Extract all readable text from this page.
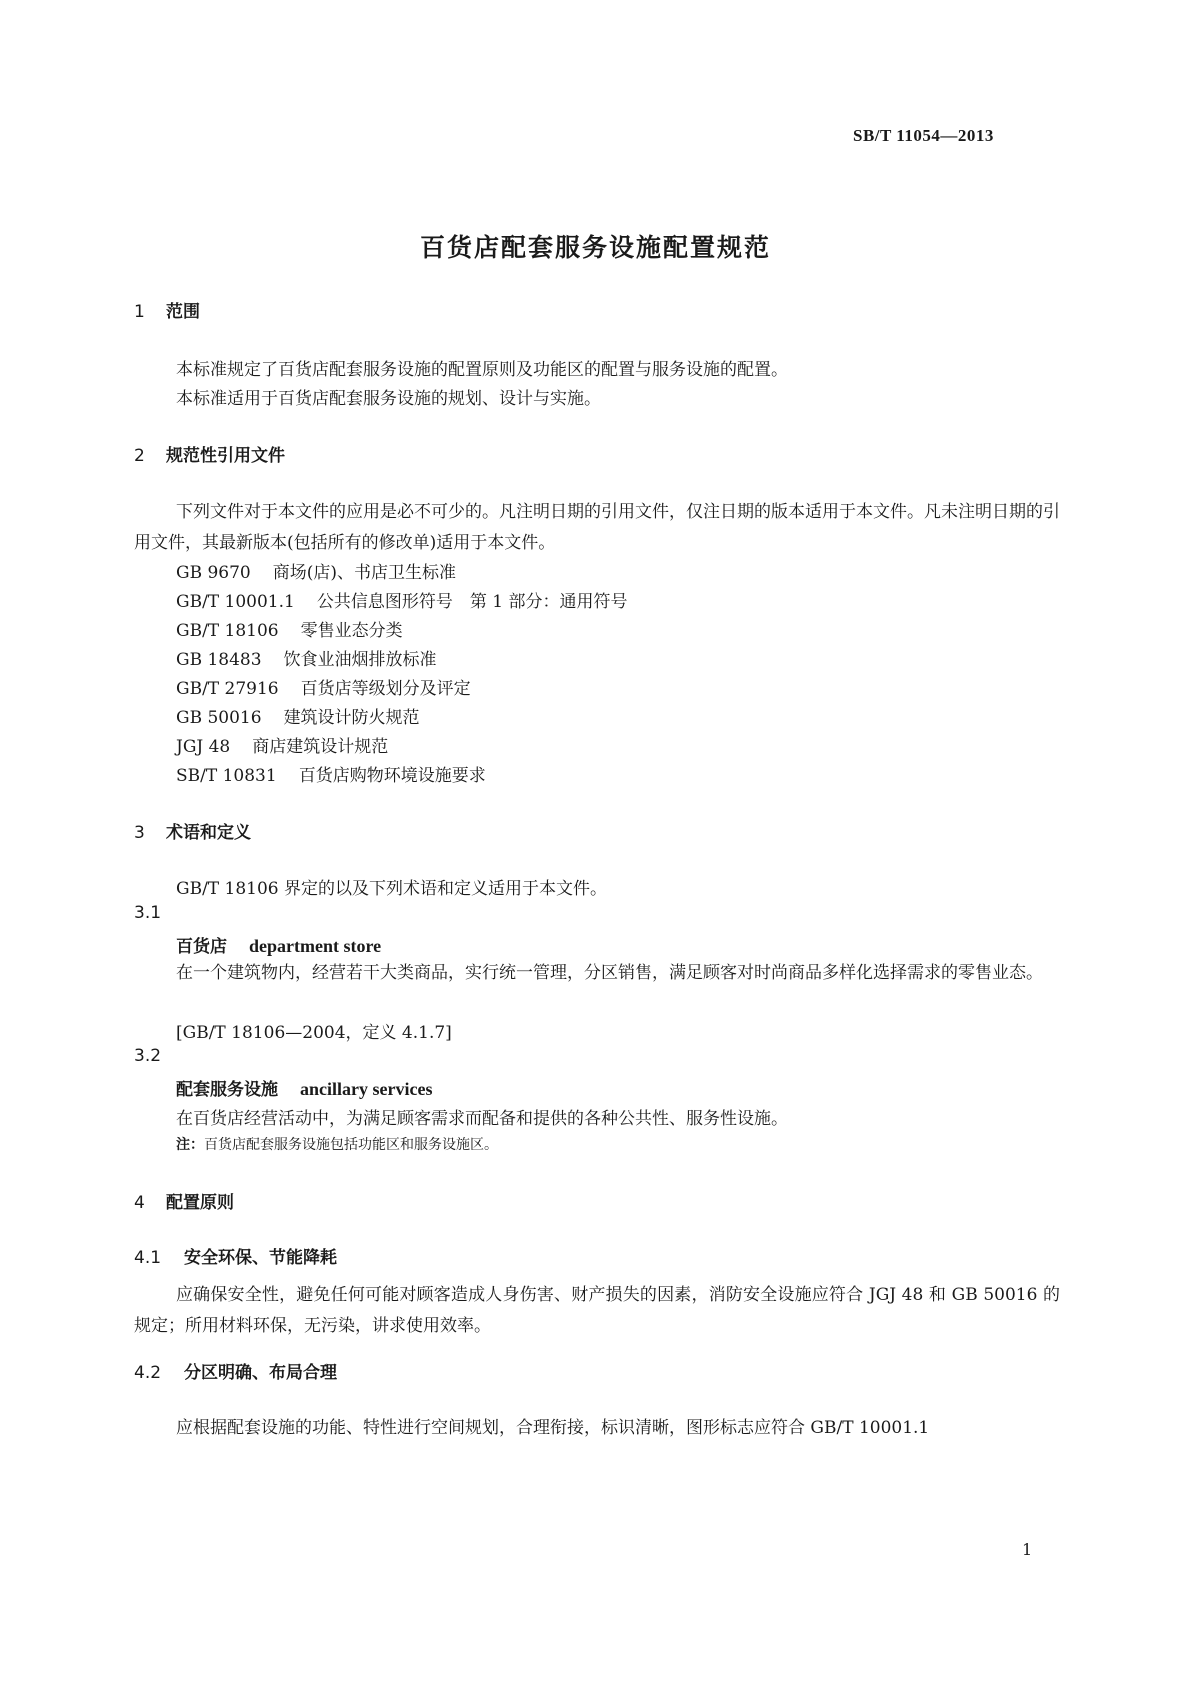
SB/T 11054—2013
百货店配套服务设施配置规范
1 范围
本标准规定了百货店配套服务设施的配置原则及功能区的配置与服务设施的配置。
本标准适用于百货店配套服务设施的规划、设计与实施。
2 规范性引用文件
下列文件对于本文件的应用是必不可少的。凡注明日期的引用文件，仅注日期的版本适用于本文件。凡未注明日期的引用文件，其最新版本(包括所有的修改单)适用于本文件。
GB 9670 商场(店)、书店卫生标准
GB/T 10001.1 公共信息图形符号　第 1 部分：通用符号
GB/T 18106 零售业态分类
GB 18483 饮食业油烟排放标准
GB/T 27916 百货店等级划分及评定
GB 50016 建筑设计防火规范
JGJ 48 商店建筑设计规范
SB/T 10831 百货店购物环境设施要求
3 术语和定义
GB/T 18106 界定的以及下列术语和定义适用于本文件。
3.1
百货店 department store
在一个建筑物内，经营若干大类商品，实行统一管理，分区销售，满足顾客对时尚商品多样化选择需求的零售业态。
[GB/T 18106—2004，定义 4.1.7]
3.2
配套服务设施 ancillary services
在百货店经营活动中，为满足顾客需求而配备和提供的各种公共性、服务性设施。
注：百货店配套服务设施包括功能区和服务设施区。
4 配置原则
4.1 安全环保、节能降耗
应确保安全性，避免任何可能对顾客造成人身伤害、财产损失的因素，消防安全设施应符合 JGJ 48 和 GB 50016 的规定；所用材料环保，无污染，讲求使用效率。
4.2 分区明确、布局合理
应根据配套设施的功能、特性进行空间规划，合理衔接，标识清晰，图形标志应符合 GB/T 10001.1
1
